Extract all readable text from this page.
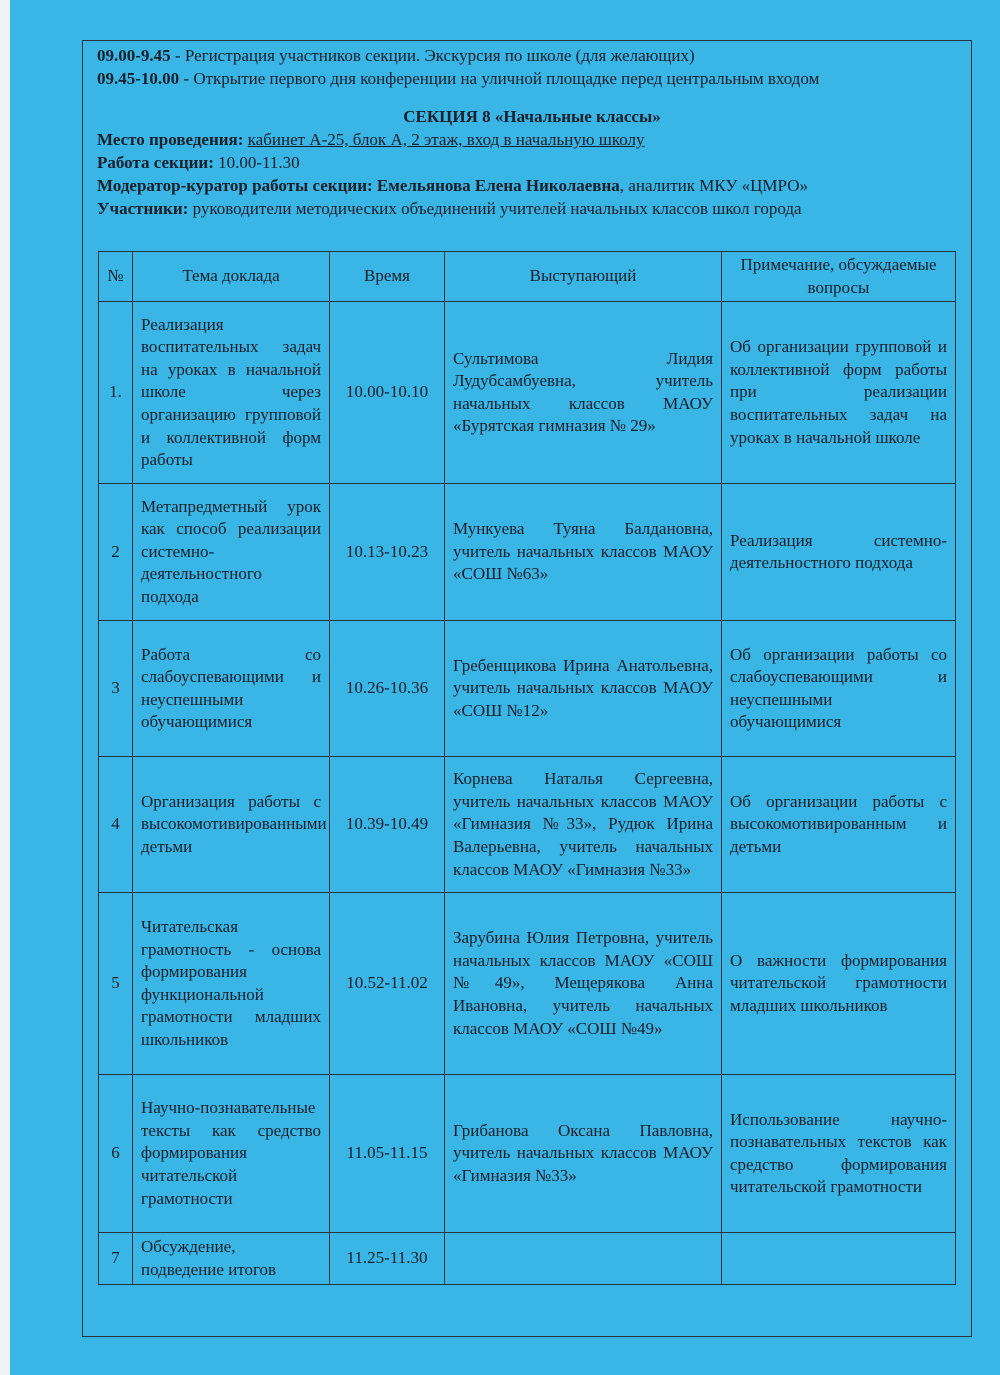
09.00-9.45 - Регистрация участников секции. Экскурсия по школе (для желающих)

09.45-10.00 - Открытие первого дня конференции на уличной площадке перед центральным входом

СЕКЦИЯ 8 «Начальные классы»

Место проведения: кабинет А-25, блок А, 2 этаж, вход в начальную школу

Работа секции: 10.00-11.30

Модератор-куратор работы секции: Емельянова Елена Николаевна, аналитик МКУ «ЦМРО»

Участники: руководители методических объединений учителей начальных классов школ города

№	Тема доклада	Время	Выступающий	Примечание, обсуждаемые вопросы
1.	Реализация воспитательных задач на уроках в начальной школе через организацию групповой и коллективной форм работы	10.00-10.10	Сультимова Лидия Лудубсамбуевна, учитель начальных классов МАОУ «Бурятская гимназия № 29»	Об организации групповой и коллективной форм работы при реализации воспитательных задач на уроках в начальной школе
2	Метапредметный урок как способ реализации системно-деятельностного подхода	10.13-10.23	Мункуева Туяна Балдановна, учитель начальных классов МАОУ «СОШ №63»	Реализация системно-деятельностного подхода
3	Работа со слабоуспевающими и неуспешными обучающимися	10.26-10.36	Гребенщикова Ирина Анатольевна, учитель начальных классов МАОУ «СОШ №12»	Об организации работы со слабоуспевающими и неуспешными обучающимися
4	Организация работы с высокомотивированными детьми	10.39-10.49	Корнева Наталья Сергеевна, учитель начальных классов МАОУ «Гимназия №33», Рудюк Ирина Валерьевна, учитель начальных классов МАОУ «Гимназия №33»	Об организации работы с высокомотивированным и детьми
5	Читательская грамотность - основа формирования функциональной грамотности младших школьников	10.52-11.02	Зарубина Юлия Петровна, учитель начальных классов МАОУ «СОШ №49», Мещерякова Анна Ивановна, учитель начальных классов МАОУ «СОШ №49»	О важности формирования читательской грамотности младших школьников
6	Научно-познавательные тексты как средство формирования читательской грамотности	11.05-11.15	Грибанова Оксана Павловна, учитель начальных классов МАОУ «Гимназия №33»	Использование научно-познавательных текстов как средство формирования читательской грамотности
7	Обсуждение, подведение итогов	11.25-11.30		
